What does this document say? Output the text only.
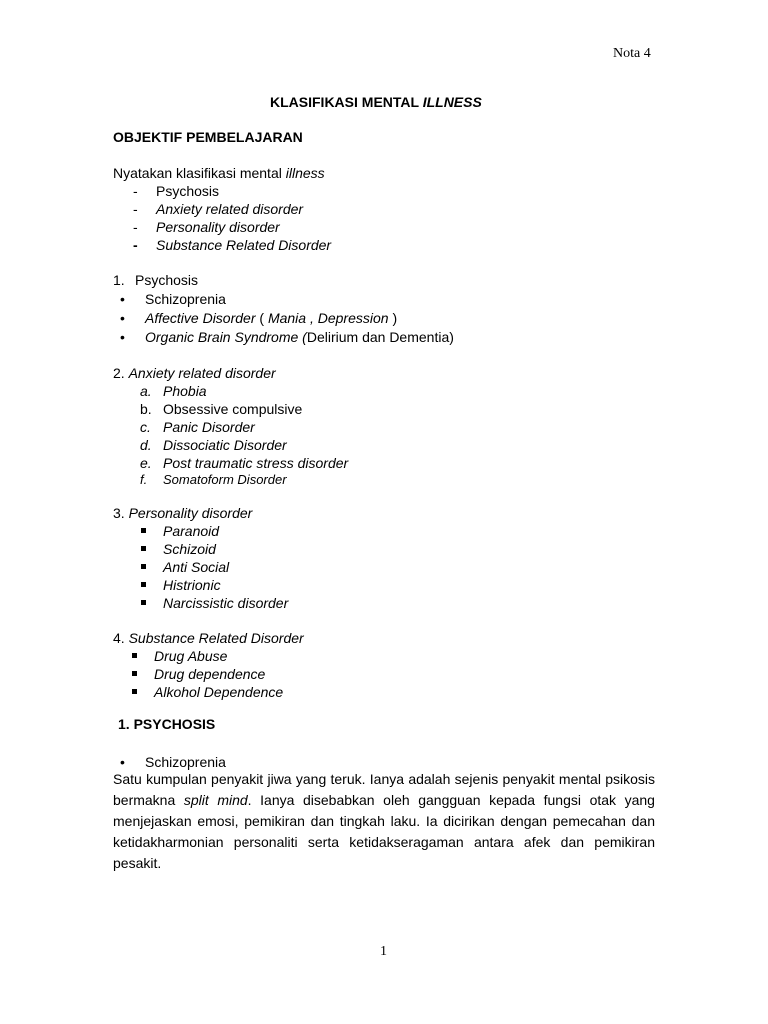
Nota 4
KLASIFIKASI MENTAL ILLNESS
OBJEKTIF PEMBELAJARAN
Nyatakan klasifikasi mental illness
- Psychosis
- Anxiety related disorder
- Personality disorder
- Substance Related Disorder
1. Psychosis
•
Schizoprenia
•
Affective Disorder ( Mania , Depression )
•
Organic Brain Syndrome (Delirium dan Dementia)
2. Anxiety related disorder
a. Phobia
b. Obsessive compulsive
c. Panic Disorder
d. Dissociatic Disorder
e. Post traumatic stress disorder
f. Somatoform Disorder
3. Personality disorder
Paranoid
Schizoid
Anti Social
Histrionic
Narcissistic disorder
4. Substance Related Disorder
Drug Abuse
Drug dependence
Alkohol Dependence
1. PSYCHOSIS
•
Schizoprenia
Satu kumpulan penyakit jiwa yang teruk. Ianya adalah sejenis penyakit mental psikosis bermakna split mind. Ianya disebabkan oleh gangguan kepada fungsi otak yang menjejaskan emosi, pemikiran dan tingkah laku. Ia dicirikan dengan pemecahan dan ketidakharmonian personaliti serta ketidakseragaman antara afek dan pemikiran pesakit.
1
